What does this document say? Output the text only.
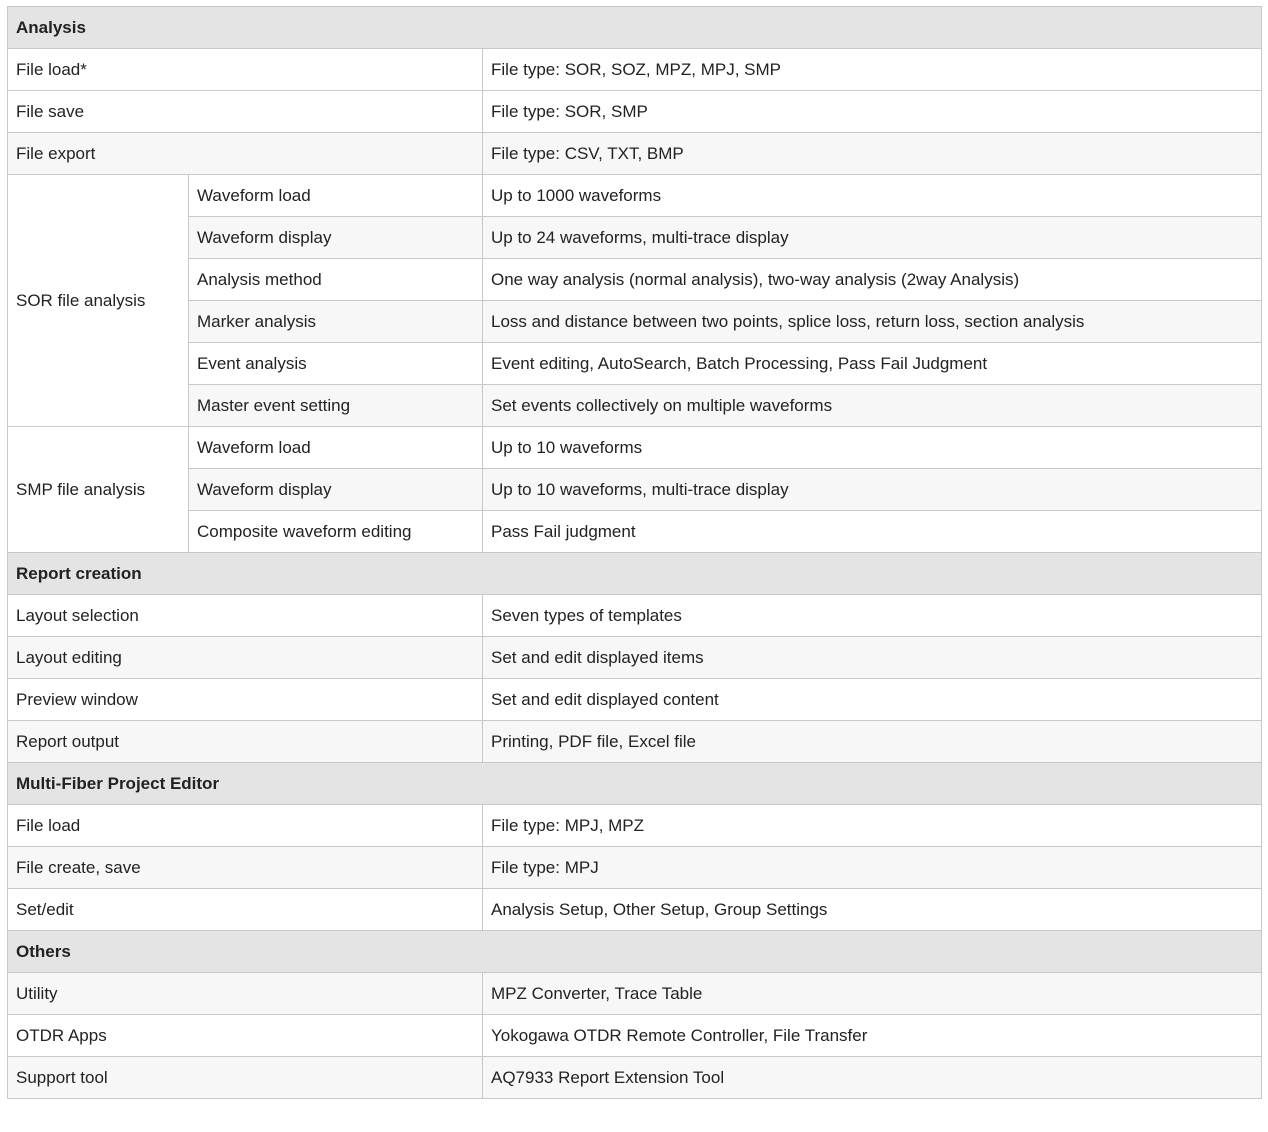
Analysis		
File load*		File type: SOR, SOZ, MPZ, MPJ, SMP
File save		File type: SOR, SMP
File export		File type: CSV, TXT, BMP
SOR file analysis	Waveform load	Up to 1000 waveforms
	Waveform display	Up to 24 waveforms, multi-trace display
	Analysis method	One way analysis (normal analysis), two-way analysis (2way Analysis)
	Marker analysis	Loss and distance between two points, splice loss, return loss, section analysis
	Event analysis	Event editing, AutoSearch, Batch Processing, Pass Fail Judgment
	Master event setting	Set events collectively on multiple waveforms
SMP file analysis	Waveform load	Up to 10 waveforms
	Waveform display	Up to 10 waveforms, multi-trace display
	Composite waveform editing	Pass Fail judgment
Report creation		
Layout selection		Seven types of templates
Layout editing		Set and edit displayed items
Preview window		Set and edit displayed content
Report output		Printing, PDF file, Excel file
Multi-Fiber Project Editor		
File load		File type: MPJ, MPZ
File create, save		File type: MPJ
Set/edit		Analysis Setup, Other Setup, Group Settings
Others		
Utility		MPZ Converter, Trace Table
OTDR Apps		Yokogawa OTDR Remote Controller, File Transfer
Support tool		AQ7933 Report Extension Tool
